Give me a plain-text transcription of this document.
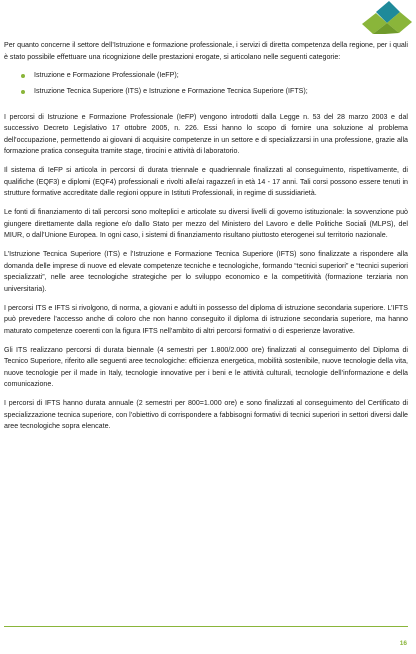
Per quanto concerne il settore dell’Istruzione e formazione professionale, i servizi di diretta competenza della regione, per i quali è stato possibile effettuare una ricognizione delle prestazioni erogate, si articolano nelle seguenti categorie:

Istruzione e Formazione Professionale (IeFP);
Istruzione Tecnica Superiore (ITS) e Istruzione e Formazione Tecnica Superiore (IFTS);

I percorsi di Istruzione e Formazione Professionale (IeFP) vengono introdotti dalla Legge n. 53 del 28 marzo 2003 e dal successivo Decreto Legislativo 17 ottobre 2005, n. 226. Essi hanno lo scopo di fornire una soluzione al problema dell’occupazione, permettendo ai giovani di acquisire competenze in un settore e di specializzarsi in una professione, grazie alla formazione pratica conseguita tramite stage, tirocini e attività di laboratorio.

Il sistema di IeFP si articola in percorsi di durata triennale e quadriennale finalizzati al conseguimento, rispettivamente, di qualifiche (EQF3) e diplomi (EQF4) professionali e rivolti alle/ai ragazze/i in età 14 - 17 anni. Tali corsi possono essere tenuti in strutture formative accreditate dalle regioni oppure in Istituti Professionali, in regime di sussidiarietà.

Le fonti di finanziamento di tali percorsi sono molteplici e articolate su diversi livelli di governo istituzionale: la sovvenzione può giungere direttamente dalla regione e/o dallo Stato per mezzo del Ministero del Lavoro e delle Politiche Sociali (MLPS), del MIUR, o dall’Unione Europea. In ogni caso, i sistemi di finanziamento risultano piuttosto eterogenei sul territorio nazionale.

L’Istruzione Tecnica Superiore (ITS) e l’Istruzione e Formazione Tecnica Superiore (IFTS) sono finalizzate a rispondere alla domanda delle imprese di nuove ed elevate competenze tecniche e tecnologiche, formando “tecnici superiori” e “tecnici superiori specializzati”, nelle aree tecnologiche strategiche per lo sviluppo economico e la competitività (formazione terziaria non universitaria).

I percorsi ITS e IFTS si rivolgono, di norma, a giovani e adulti in possesso del diploma di istruzione secondaria superiore. L’IFTS può prevedere l’accesso anche di coloro che non hanno conseguito il diploma di istruzione secondaria superiore, ma hanno maturato competenze coerenti con la figura IFTS nell’ambito di altri percorsi formativi o di esperienze lavorative.

Gli ITS realizzano percorsi di durata biennale (4 semestri per 1.800/2.000 ore) finalizzati al conseguimento del Diploma di Tecnico Superiore, riferito alle seguenti aree tecnologiche: efficienza energetica, mobilità sostenibile, nuove tecnologie della vita, nuove tecnologie per il made in Italy, tecnologie innovative per i beni e le attività culturali, tecnologie dell’informazione e della comunicazione.

I percorsi di IFTS hanno durata annuale (2 semestri per 800=1.000 ore) e sono finalizzati al conseguimento del Certificato di specializzazione tecnica superiore, con l’obiettivo di corrispondere a fabbisogni formativi di tecnici superiori in settori diversi dalle aree tecnologiche sopra elencate.

16
